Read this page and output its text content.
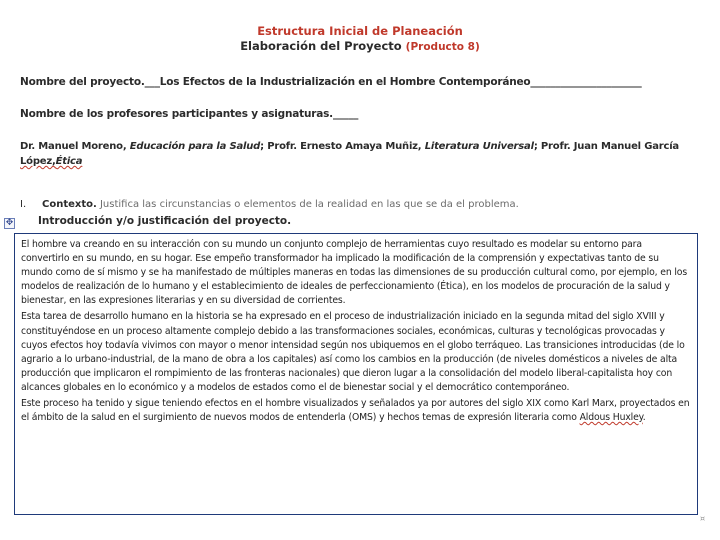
Estructura Inicial de Planeación
Elaboración del Proyecto (Producto 8)
Nombre del proyecto.___Los Efectos de la Industrialización en el Hombre Contemporáneo______________________
Nombre de los profesores participantes y asignaturas._____
Dr. Manuel Moreno, Educación para la Salud; Profr. Ernesto Amaya Muñiz, Literatura Universal; Profr. Juan Manuel García
López,Ética
I. Contexto. Justifica las circunstancias o elementos de la realidad en las que se da el problema.
✥ Introducción y/o justificación del proyecto.

El hombre va creando en su interacción con su mundo un conjunto complejo de herramientas cuyo resultado es modelar su entorno para convertirlo en su mundo, en su hogar. Ese empeño transformador ha implicado la modificación de la comprensión y expectativas tanto de su mundo como de sí mismo y se ha manifestado de múltiples maneras en todas las dimensiones de su producción cultural como, por ejemplo, en los modelos de realización de lo humano y el establecimiento de ideales de perfeccionamiento (Ética), en los modelos de procuración de la salud y bienestar, en las expresiones literarias y en su diversidad de corrientes.

Esta tarea de desarrollo humano en la historia se ha expresado en el proceso de industrialización iniciado en la segunda mitad del siglo XVIII y constituyéndose en un proceso altamente complejo debido a las transformaciones sociales, económicas, culturas y tecnológicas provocadas y cuyos efectos hoy todavía vivimos con mayor o menor intensidad según nos ubiquemos en el globo terráqueo. Las transiciones introducidas (de lo agrario a lo urbano-industrial, de la mano de obra a los capitales) así como los cambios en la producción (de niveles domésticos a niveles de alta producción que implicaron el rompimiento de las fronteras nacionales) que dieron lugar a la consolidación del modelo liberal-capitalista hoy con alcances globales en lo económico y a modelos de estados como el de bienestar social y el democrático contemporáneo.

Este proceso ha tenido y sigue teniendo efectos en el hombre visualizados y señalados ya por autores del siglo XIX como Karl Marx, proyectados en el ámbito de la salud en el surgimiento de nuevos modos de entenderla (OMS) y hechos temas de expresión literaria como Aldous Huxley.

¤
